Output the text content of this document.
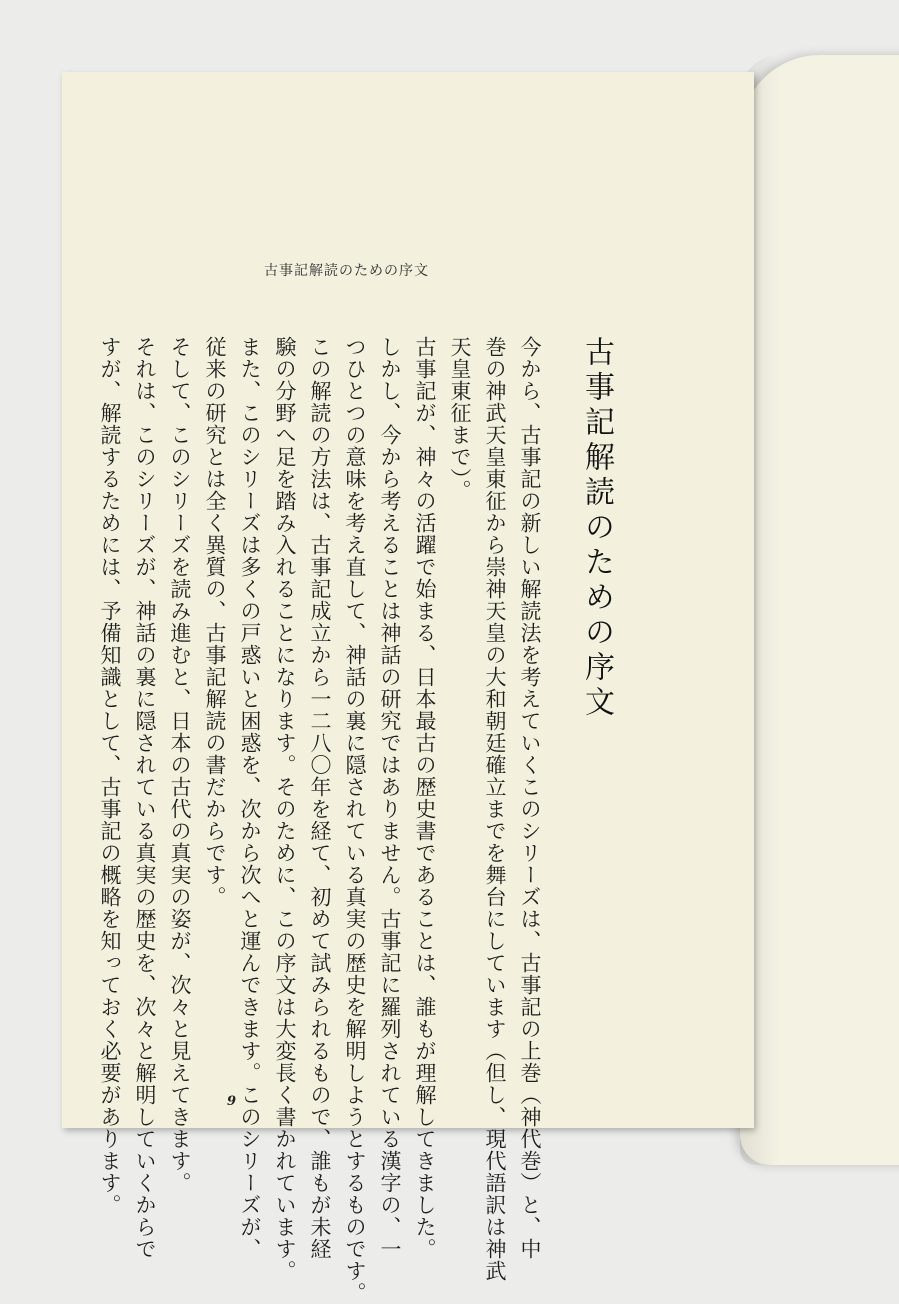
古事記解読のための序文
古事記解読のための序文
今から、古事記の新しい解読法を考えていくこのシリーズは、古事記の上巻（神代巻）と、中
巻の神武天皇東征から崇神天皇の大和朝廷確立までを舞台にしています（但し、現代語訳は神武
天皇東征まで）。
古事記が、神々の活躍で始まる、日本最古の歴史書であることは、誰もが理解してきました。
しかし、今から考えることは神話の研究ではありません。古事記に羅列されている漢字の、一
つひとつの意味を考え直して、神話の裏に隠されている真実の歴史を解明しようとするものです。
この解読の方法は、古事記成立から一二八〇年を経て、初めて試みられるもので、誰もが未経
験の分野へ足を踏み入れることになります。そのために、この序文は大変長く書かれています。
また、このシリーズは多くの戸惑いと困惑を、次から次へと運んできます。このシリーズが、
従来の研究とは全く異質の、古事記解読の書だからです。
そして、このシリーズを読み進むと、日本の古代の真実の姿が、次々と見えてきます。
それは、このシリーズが、神話の裏に隠されている真実の歴史を、次々と解明していくからで
すが、解読するためには、予備知識として、古事記の概略を知っておく必要があります。	9
